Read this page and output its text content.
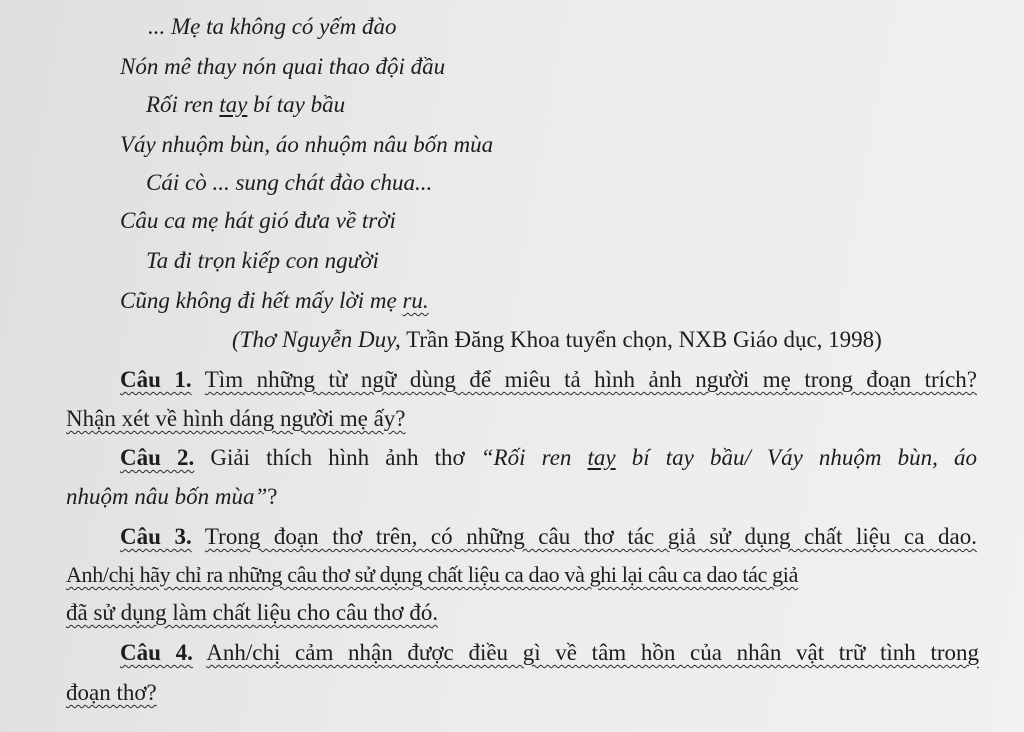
... Mẹ ta không có yếm đào
Nón mê thay nón quai thao đội đầu
Rối ren tay bí tay bầu
Váy nhuộm bùn, áo nhuộm nâu bốn mùa
Cái cò ... sung chát đào chua...
Câu ca mẹ hát gió đưa về trời
Ta đi trọn kiếp con người
Cũng không đi hết mấy lời mẹ ru.
(Thơ Nguyễn Duy, Trần Đăng Khoa tuyển chọn, NXB Giáo dục, 1998)
Câu 1. Tìm những từ ngữ dùng để miêu tả hình ảnh người mẹ trong đoạn trích?
Nhận xét về hình dáng người mẹ ấy?
Câu 2. Giải thích hình ảnh thơ “Rối ren tay bí tay bầu/ Váy nhuộm bùn, áo
nhuộm nâu bốn mùa”?
Câu 3. Trong đoạn thơ trên, có những câu thơ tác giả sử dụng chất liệu ca dao.
Anh/chị hãy chỉ ra những câu thơ sử dụng chất liệu ca dao và ghi lại câu ca dao tác giả
đã sử dụng làm chất liệu cho câu thơ đó.
Câu 4. Anh/chị cảm nhận được điều gì về tâm hồn của nhân vật trữ tình trong
đoạn thơ?
